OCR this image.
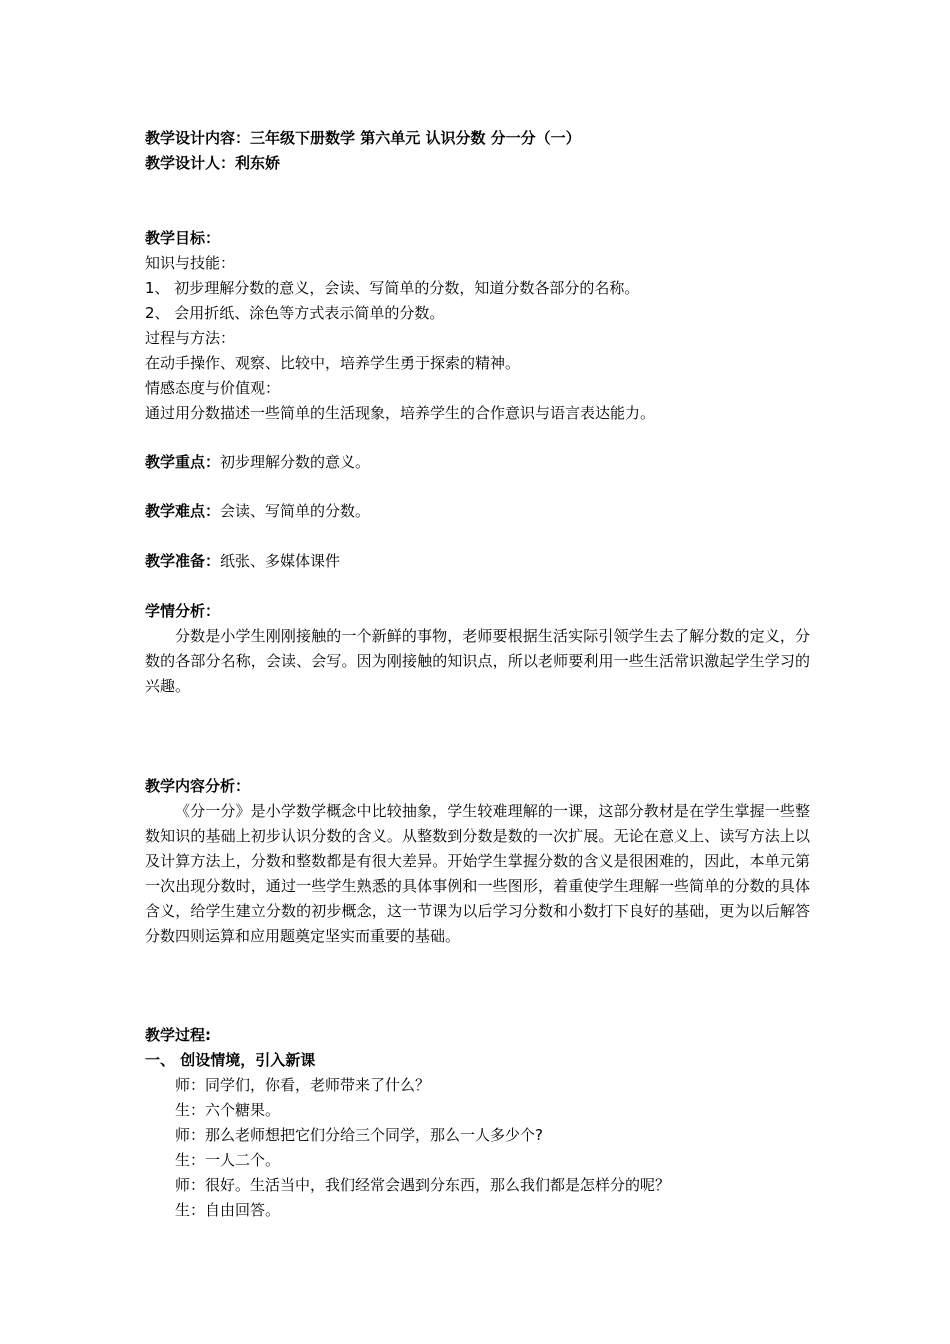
教学设计内容：三年级下册数学 第六单元 认识分数 分一分（一）
教学设计人：利东娇
教学目标：
知识与技能：
1、 初步理解分数的意义，会读、写简单的分数，知道分数各部分的名称。
2、 会用折纸、涂色等方式表示简单的分数。
过程与方法：
在动手操作、观察、比较中，培养学生勇于探索的精神。
情感态度与价值观：
通过用分数描述一些简单的生活现象，培养学生的合作意识与语言表达能力。
教学重点：初步理解分数的意义。
教学难点：会读、写简单的分数。
教学准备：纸张、多媒体课件
学情分析：
分数是小学生刚刚接触的一个新鲜的事物，老师要根据生活实际引领学生去了解分数的定义，分数的各部分名称，会读、会写。因为刚接触的知识点，所以老师要利用一些生活常识激起学生学习的兴趣。
教学内容分析：
《分一分》是小学数学概念中比较抽象，学生较难理解的一课，这部分教材是在学生掌握一些整数知识的基础上初步认识分数的含义。从整数到分数是数的一次扩展。无论在意义上、读写方法上以及计算方法上，分数和整数都是有很大差异。开始学生掌握分数的含义是很困难的，因此，本单元第一次出现分数时，通过一些学生熟悉的具体事例和一些图形，着重使学生理解一些简单的分数的具体含义，给学生建立分数的初步概念，这一节课为以后学习分数和小数打下良好的基础，更为以后解答分数四则运算和应用题奠定坚实而重要的基础。
教学过程:
一、 创设情境，引入新课
师：同学们，你看，老师带来了什么？
生：六个糖果。
师：那么老师想把它们分给三个同学，那么一人多少个?
生：一人二个。
师：很好。生活当中，我们经常会遇到分东西，那么我们都是怎样分的呢？
生：自由回答。
